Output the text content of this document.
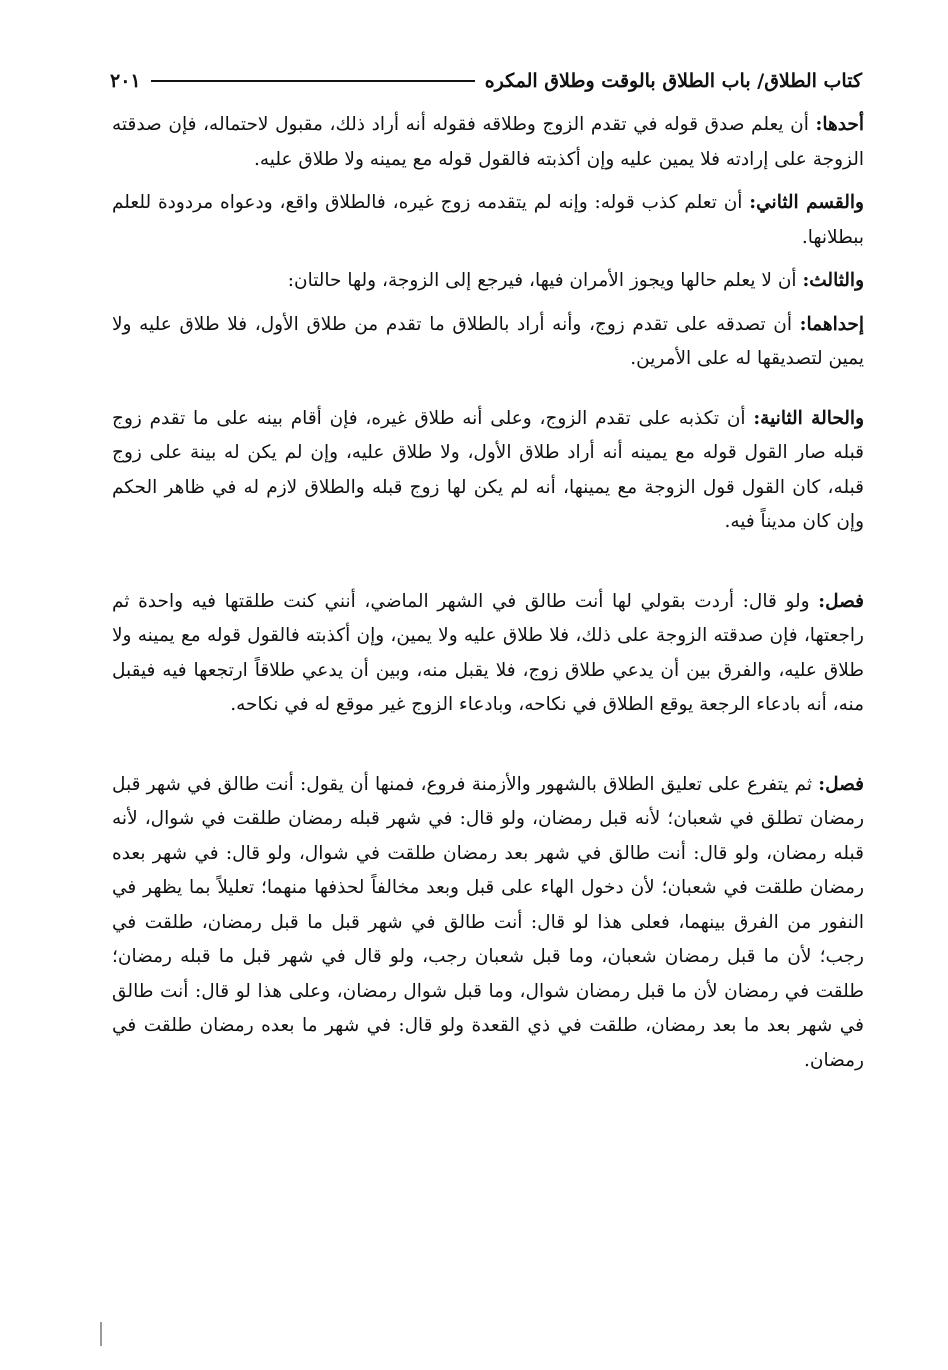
كتاب الطلاق/ باب الطلاق بالوقت وطلاق المكره
٢٠١

أحدها: أن يعلم صدق قوله في تقدم الزوج وطلاقه فقوله أنه أراد ذلك، مقبول لاحتماله، فإن صدقته الزوجة على إرادته فلا يمين عليه وإن أكذبته فالقول قوله مع يمينه ولا طلاق عليه.

والقسم الثاني: أن تعلم كذب قوله: وإنه لم يتقدمه زوج غيره، فالطلاق واقع، ودعواه مردودة للعلم ببطلانها.

والثالث: أن لا يعلم حالها ويجوز الأمران فيها، فيرجع إلى الزوجة، ولها حالتان:

إحداهما: أن تصدقه على تقدم زوج، وأنه أراد بالطلاق ما تقدم من طلاق الأول، فلا طلاق عليه ولا يمين لتصديقها له على الأمرين.

والحالة الثانية: أن تكذبه على تقدم الزوج، وعلى أنه طلاق غيره، فإن أقام بينه على ما تقدم زوج قبله صار القول قوله مع يمينه أنه أراد طلاق الأول، ولا طلاق عليه، وإن لم يكن له بينة على زوج قبله، كان القول قول الزوجة مع يمينها، أنه لم يكن لها زوج قبله والطلاق لازم له في ظاهر الحكم وإن كان مديناً فيه.

فصل: ولو قال: أردت بقولي لها أنت طالق في الشهر الماضي، أنني كنت طلقتها فيه واحدة ثم راجعتها، فإن صدقته الزوجة على ذلك، فلا طلاق عليه ولا يمين، وإن أكذبته فالقول قوله مع يمينه ولا طلاق عليه، والفرق بين أن يدعي طلاق زوج، فلا يقبل منه، وبين أن يدعي طلاقاً ارتجعها فيه فيقبل منه، أنه بادعاء الرجعة يوقع الطلاق في نكاحه، وبادعاء الزوج غير موقع له في نكاحه.

فصل: ثم يتفرع على تعليق الطلاق بالشهور والأزمنة فروع، فمنها أن يقول: أنت طالق في شهر قبل رمضان تطلق في شعبان؛ لأنه قبل رمضان، ولو قال: في شهر قبله رمضان طلقت في شوال، لأنه قبله رمضان، ولو قال: أنت طالق في شهر بعد رمضان طلقت في شوال، ولو قال: في شهر بعده رمضان طلقت في شعبان؛ لأن دخول الهاء على قبل وبعد مخالفاً لحذفها منهما؛ تعليلاً بما يظهر في النفور من الفرق بينهما، فعلى هذا لو قال: أنت طالق في شهر قبل ما قبل رمضان، طلقت في رجب؛ لأن ما قبل رمضان شعبان، وما قبل شعبان رجب، ولو قال في شهر قبل ما قبله رمضان؛ طلقت في رمضان لأن ما قبل رمضان شوال، وما قبل شوال رمضان، وعلى هذا لو قال: أنت طالق في شهر بعد ما بعد رمضان، طلقت في ذي القعدة ولو قال: في شهر ما بعده رمضان طلقت في رمضان.
